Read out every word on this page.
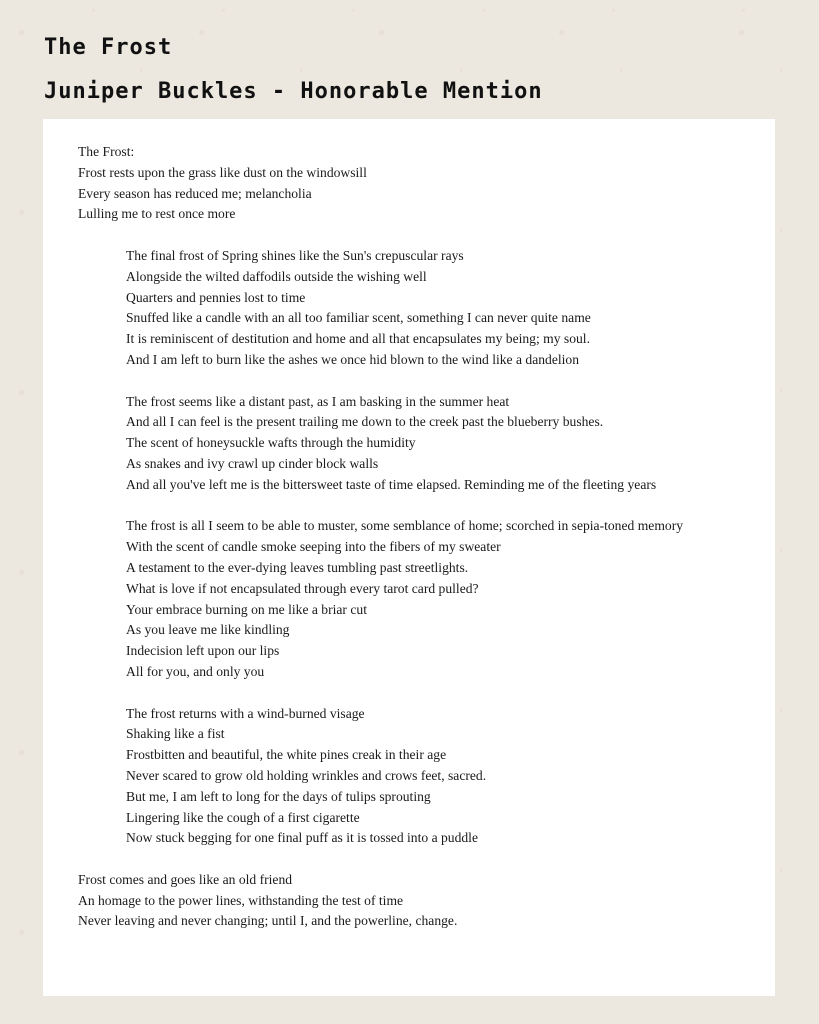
The Frost
Juniper Buckles - Honorable Mention
The Frost:
Frost rests upon the grass like dust on the windowsill
Every season has reduced me; melancholia
Lulling me to rest once more
The final frost of Spring shines like the Sun's crepuscular rays
Alongside the wilted daffodils outside the wishing well
Quarters and pennies lost to time
Snuffed like a candle with an all too familiar scent, something I can never quite name
It is reminiscent of destitution and home and all that encapsulates my being; my soul.
And I am left to burn like the ashes we once hid blown to the wind like a dandelion
The frost seems like a distant past, as I am basking in the summer heat
And all I can feel is the present trailing me down to the creek past the blueberry bushes.
The scent of honeysuckle wafts through the humidity
As snakes and ivy crawl up cinder block walls
And all you've left me is the bittersweet taste of time elapsed. Reminding me of the fleeting years
The frost is all I seem to be able to muster, some semblance of home; scorched in sepia-toned memory
With the scent of candle smoke seeping into the fibers of my sweater
A testament to the ever-dying leaves tumbling past streetlights.
What is love if not encapsulated through every tarot card pulled?
Your embrace burning on me like a briar cut
As you leave me like kindling
Indecision left upon our lips
All for you, and only you
The frost returns with a wind-burned visage
Shaking like a fist
Frostbitten and beautiful, the white pines creak in their age
Never scared to grow old holding wrinkles and crows feet, sacred.
But me, I am left to long for the days of tulips sprouting
Lingering like the cough of a first cigarette
Now stuck begging for one final puff as it is tossed into a puddle
Frost comes and goes like an old friend
An homage to the power lines, withstanding the test of time
Never leaving and never changing; until I, and the powerline, change.
